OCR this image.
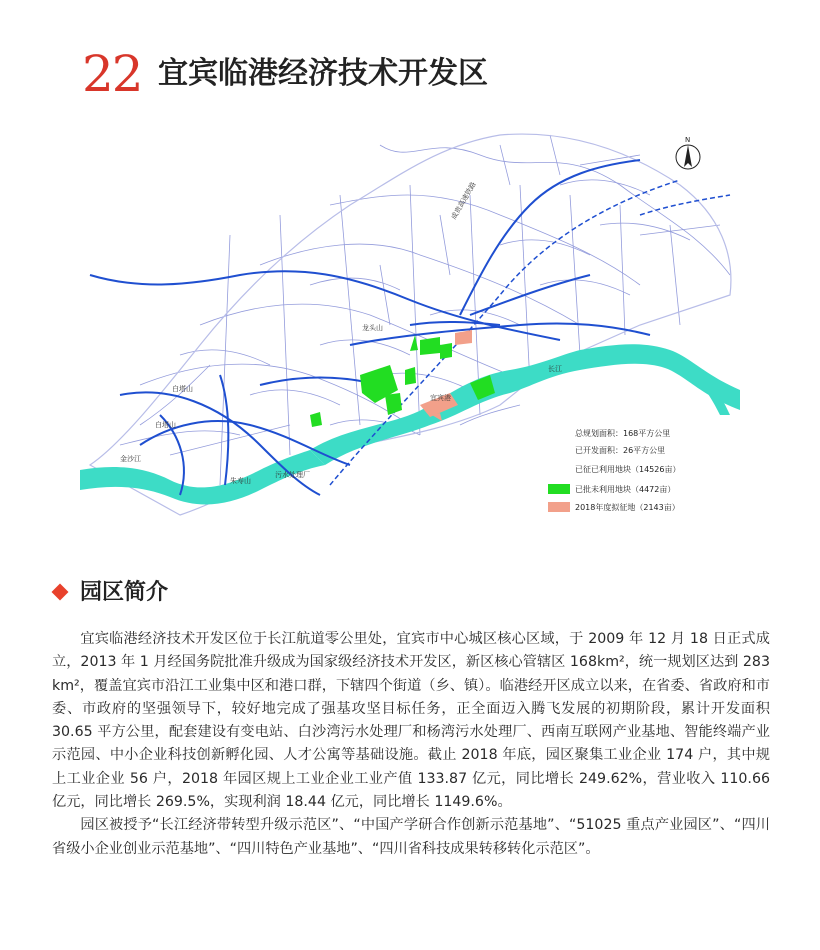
22 宜宾临港经济技术开发区
N
龙头山
长江
污水处理厂
朱寿山
白塔山
白塔山
宜宾港
金沙江
成贵高速铁路
总规划面积：168平方公里
已开发面积：26平方公里
已征已利用地块（14526亩）
已批未利用地块（4472亩）
2018年度拟征地（2143亩）
园区简介

宜宾临港经济技术开发区位于长江航道零公里处，宜宾市中心城区核心区域，于 2009 年 12 月 18 日正式成立，2013 年 1 月经国务院批准升级成为国家级经济技术开发区，新区核心管辖区 168km²，统一规划区达到 283 km²，覆盖宜宾市沿江工业集中区和港口群，下辖四个街道（乡、镇）。临港经开区成立以来，在省委、省政府和市委、市政府的坚强领导下，较好地完成了强基攻坚目标任务，正全面迈入腾飞发展的初期阶段，累计开发面积 30.65 平方公里，配套建设有变电站、白沙湾污水处理厂和杨湾污水处理厂、西南互联网产业基地、智能终端产业示范园、中小企业科技创新孵化园、人才公寓等基础设施。截止 2018 年底，园区聚集工业企业 174 户，其中规上工业企业 56 户，2018 年园区规上工业企业工业产值 133.87 亿元，同比增长 249.62%，营业收入 110.66 亿元，同比增长 269.5%，实现利润 18.44 亿元，同比增长 1149.6%。

园区被授予“长江经济带转型升级示范区”、“中国产学研合作创新示范基地”、“51025 重点产业园区”、“四川省级小企业创业示范基地”、“四川特色产业基地”、“四川省科技成果转移转化示范区”。
